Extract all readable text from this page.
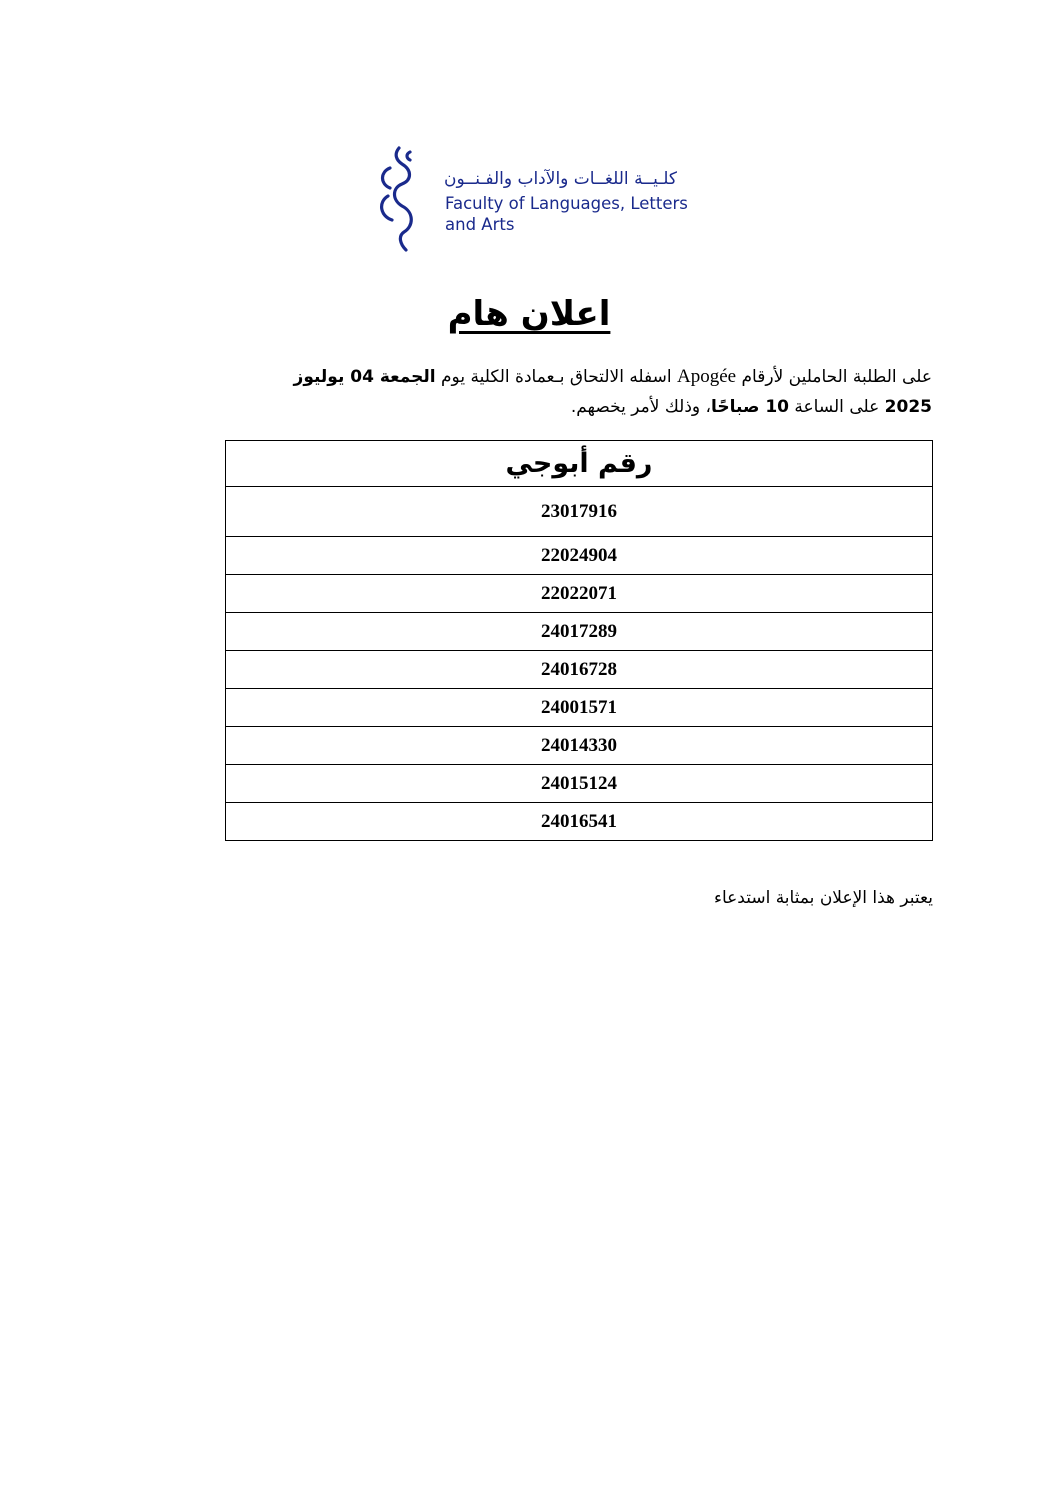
كلـيــة اللغــات والآداب والفـنــون
Faculty of Languages, Letters
and Arts
اعلان هام
على الطلبة الحاملين لأرقام Apogée اسفله الالتحاق بـعمادة الكلية يوم الجمعة 04 يوليوز
2025 على الساعة 10 صباحًا، وذلك لأمر يخصهم.
رقم أبوجي
23017916
22024904
22022071
24017289
24016728
24001571
24014330
24015124
24016541
يعتبر هذا الإعلان بمثابة استدعاء
